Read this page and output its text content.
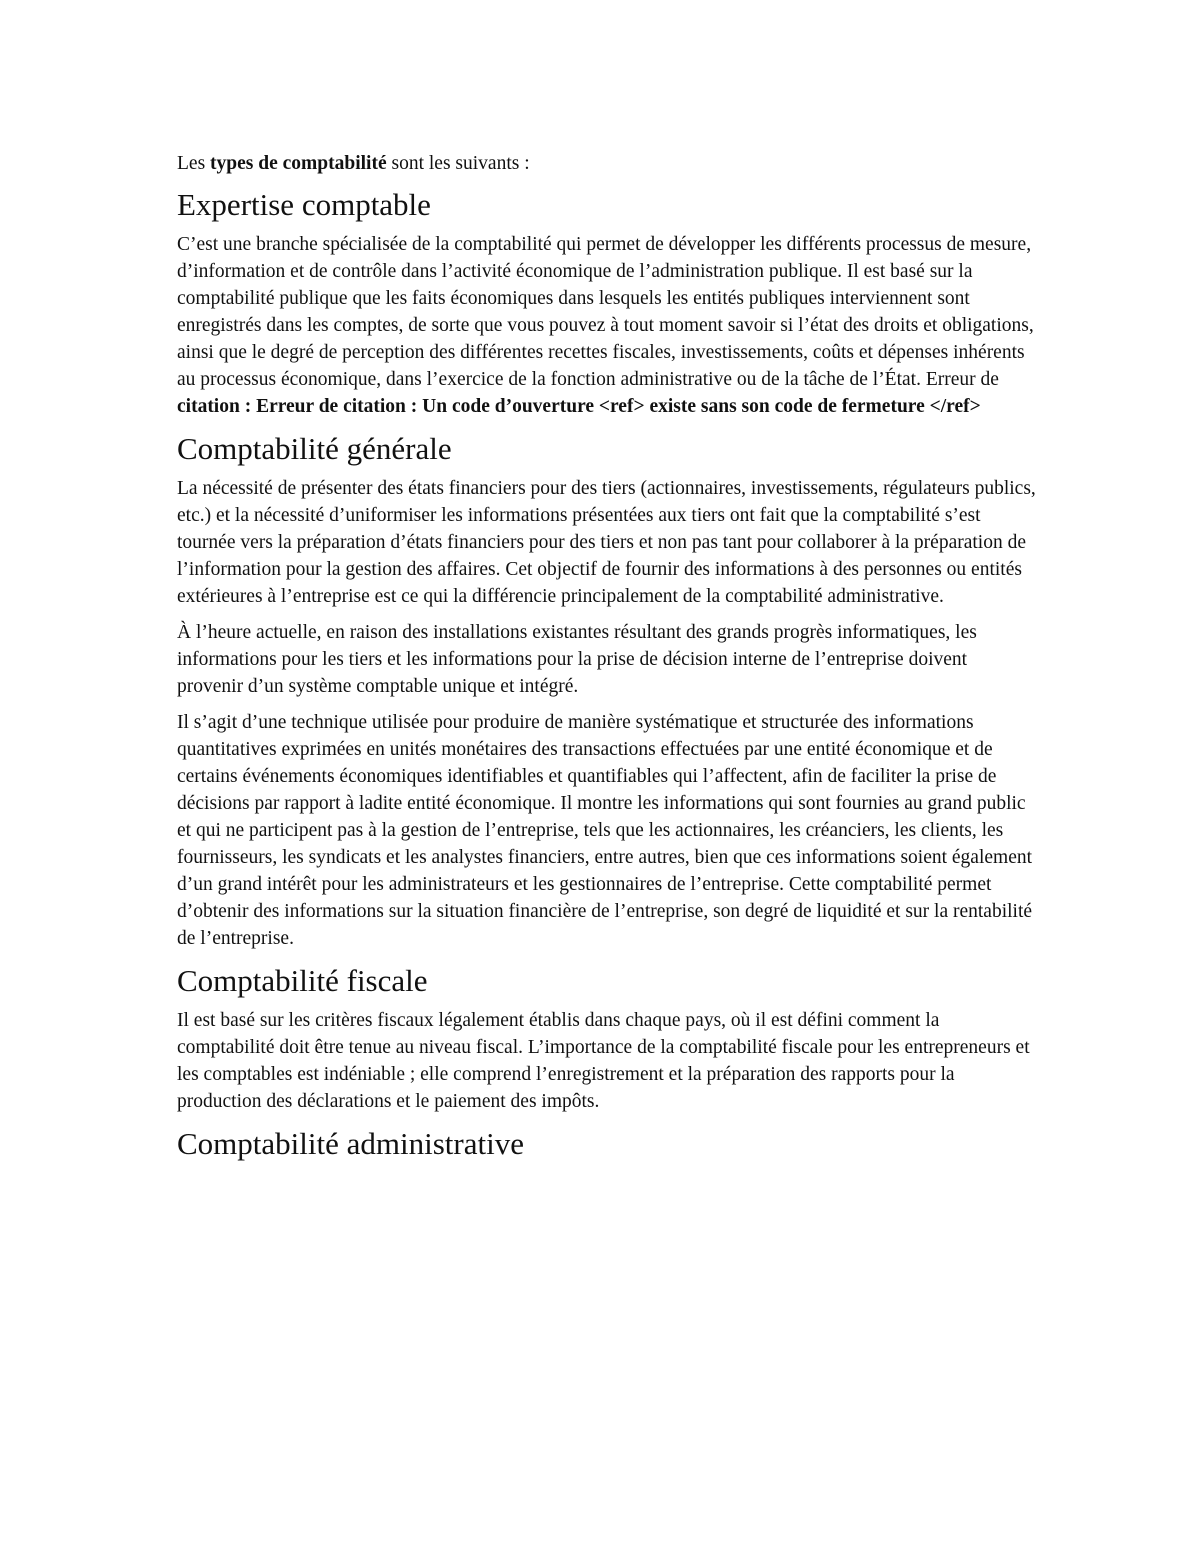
Les types de comptabilité sont les suivants :

Expertise comptable

C’est une branche spécialisée de la comptabilité qui permet de développer les différents processus de mesure, d’information et de contrôle dans l’activité économique de l’administration publique. Il est basé sur la comptabilité publique que les faits économiques dans lesquels les entités publiques interviennent sont enregistrés dans les comptes, de sorte que vous pouvez à tout moment savoir si l’état des droits et obligations, ainsi que le degré de perception des différentes recettes fiscales, investissements, coûts et dépenses inhérents au processus économique, dans l’exercice de la fonction administrative ou de la tâche de l’État. Erreur de citation : Erreur de citation : Un code d’ouverture <ref> existe sans son code de fermeture </ref>

Comptabilité générale

La nécessité de présenter des états financiers pour des tiers (actionnaires, investissements, régulateurs publics, etc.) et la nécessité d’uniformiser les informations présentées aux tiers ont fait que la comptabilité s’est tournée vers la préparation d’états financiers pour des tiers et non pas tant pour collaborer à la préparation de l’information pour la gestion des affaires. Cet objectif de fournir des informations à des personnes ou entités extérieures à l’entreprise est ce qui la différencie principalement de la comptabilité administrative.

À l’heure actuelle, en raison des installations existantes résultant des grands progrès informatiques, les informations pour les tiers et les informations pour la prise de décision interne de l’entreprise doivent provenir d’un système comptable unique et intégré.

Il s’agit d’une technique utilisée pour produire de manière systématique et structurée des informations quantitatives exprimées en unités monétaires des transactions effectuées par une entité économique et de certains événements économiques identifiables et quantifiables qui l’affectent, afin de faciliter la prise de décisions par rapport à ladite entité économique. Il montre les informations qui sont fournies au grand public et qui ne participent pas à la gestion de l’entreprise, tels que les actionnaires, les créanciers, les clients, les fournisseurs, les syndicats et les analystes financiers, entre autres, bien que ces informations soient également d’un grand intérêt pour les administrateurs et les gestionnaires de l’entreprise. Cette comptabilité permet d’obtenir des informations sur la situation financière de l’entreprise, son degré de liquidité et sur la rentabilité de l’entreprise.

Comptabilité fiscale

Il est basé sur les critères fiscaux légalement établis dans chaque pays, où il est défini comment la comptabilité doit être tenue au niveau fiscal. L’importance de la comptabilité fiscale pour les entrepreneurs et les comptables est indéniable ; elle comprend l’enregistrement et la préparation des rapports pour la production des déclarations et le paiement des impôts.

Comptabilité administrative
